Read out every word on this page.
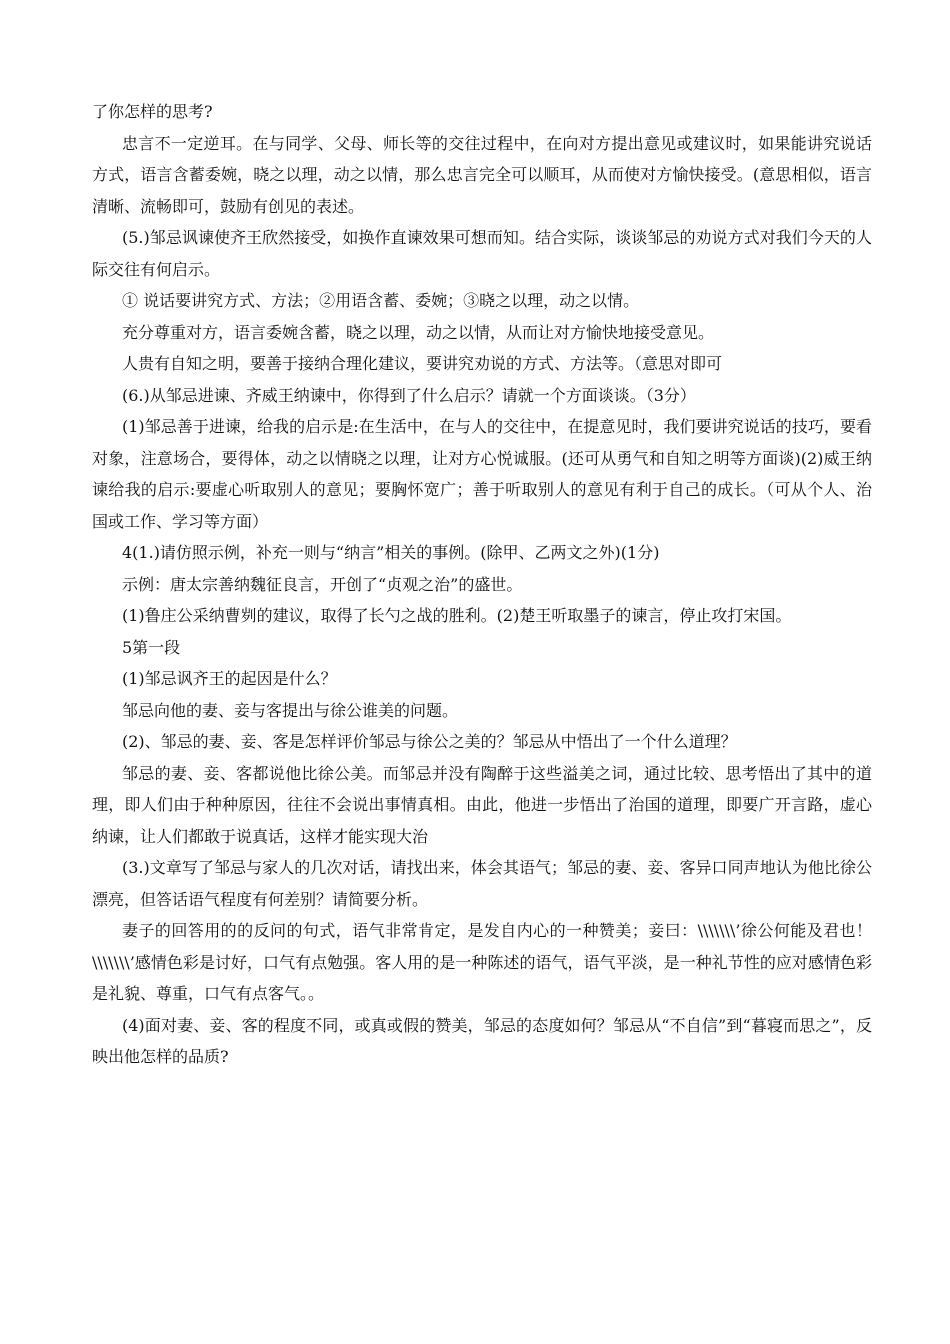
了你怎样的思考?

忠言不一定逆耳。在与同学、父母、师长等的交往过程中，在向对方提出意见或建议时，如果能讲究说话方式，语言含蓄委婉，晓之以理，动之以情，那么忠言完全可以顺耳，从而使对方愉快接受。(意思相似，语言清晰、流畅即可，鼓励有创见的表述。

(5.)邹忌讽谏使齐王欣然接受，如换作直谏效果可想而知。结合实际，谈谈邹忌的劝说方式对我们今天的人际交往有何启示。

① 说话要讲究方式、方法；②用语含蓄、委婉；③晓之以理，动之以情。

充分尊重对方，语言委婉含蓄，晓之以理，动之以情，从而让对方愉快地接受意见。

人贵有自知之明，要善于接纳合理化建议，要讲究劝说的方式、方法等。（意思对即可

(6.)从邹忌进谏、齐威王纳谏中，你得到了什么启示？请就一个方面谈谈。（3分）

(1)邹忌善于进谏，给我的启示是:在生活中，在与人的交往中，在提意见时，我们要讲究说话的技巧，要看对象，注意场合，要得体，动之以情晓之以理，让对方心悦诚服。(还可从勇气和自知之明等方面谈)(2)威王纳谏给我的启示:要虚心听取别人的意见；要胸怀宽广；善于听取别人的意见有利于自己的成长。（可从个人、治国或工作、学习等方面）

4(1.)请仿照示例，补充一则与“纳言”相关的事例。(除甲、乙两文之外)(1分)

示例：唐太宗善纳魏征良言，开创了“贞观之治”的盛世。

(1)鲁庄公采纳曹刿的建议，取得了长勺之战的胜利。(2)楚王听取墨子的谏言，停止攻打宋国。

5第一段

(1)邹忌讽齐王的起因是什么？

邹忌向他的妻、妾与客提出与徐公谁美的问题。

(2)、邹忌的妻、妾、客是怎样评价邹忌与徐公之美的？邹忌从中悟出了一个什么道理？

邹忌的妻、妾、客都说他比徐公美。而邹忌并没有陶醉于这些溢美之词，通过比较、思考悟出了其中的道理，即人们由于种种原因，往往不会说出事情真相。由此，他进一步悟出了治国的道理，即要广开言路，虚心纳谏，让人们都敢于说真话，这样才能实现大治

(3.)文章写了邹忌与家人的几次对话，请找出来，体会其语气；邹忌的妻、妾、客异口同声地认为他比徐公漂亮，但答话语气程度有何差别？请简要分析。

妻子的回答用的的反问的句式，语气非常肯定，是发自内心的一种赞美；妾曰：\\\\\\\’徐公何能及君也！\\\\\\\’感情色彩是讨好，口气有点勉强。客人用的是一种陈述的语气，语气平淡，是一种礼节性的应对感情色彩是礼貌、尊重，口气有点客气。。

(4)面对妻、妾、客的程度不同，或真或假的赞美，邹忌的态度如何？邹忌从“不自信”到“暮寝而思之”，反映出他怎样的品质?
